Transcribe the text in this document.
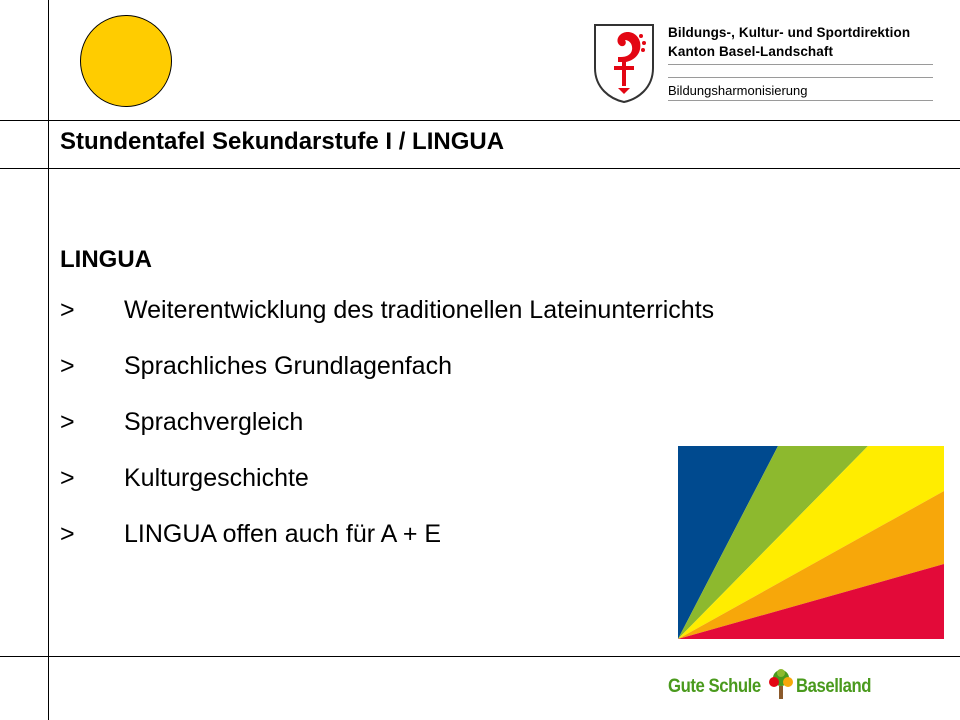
Bildungs-, Kultur- und Sportdirektion
Kanton Basel-Landschaft
Bildungsharmonisierung
Stundentafel Sekundarstufe I / LINGUA
LINGUA
>	Weiterentwicklung des traditionellen Lateinunterrichts
>	Sprachliches Grundlagenfach
>	Sprachvergleich
>	Kulturgeschichte
>	LINGUA offen auch für A + E
Gute Schule Baselland
